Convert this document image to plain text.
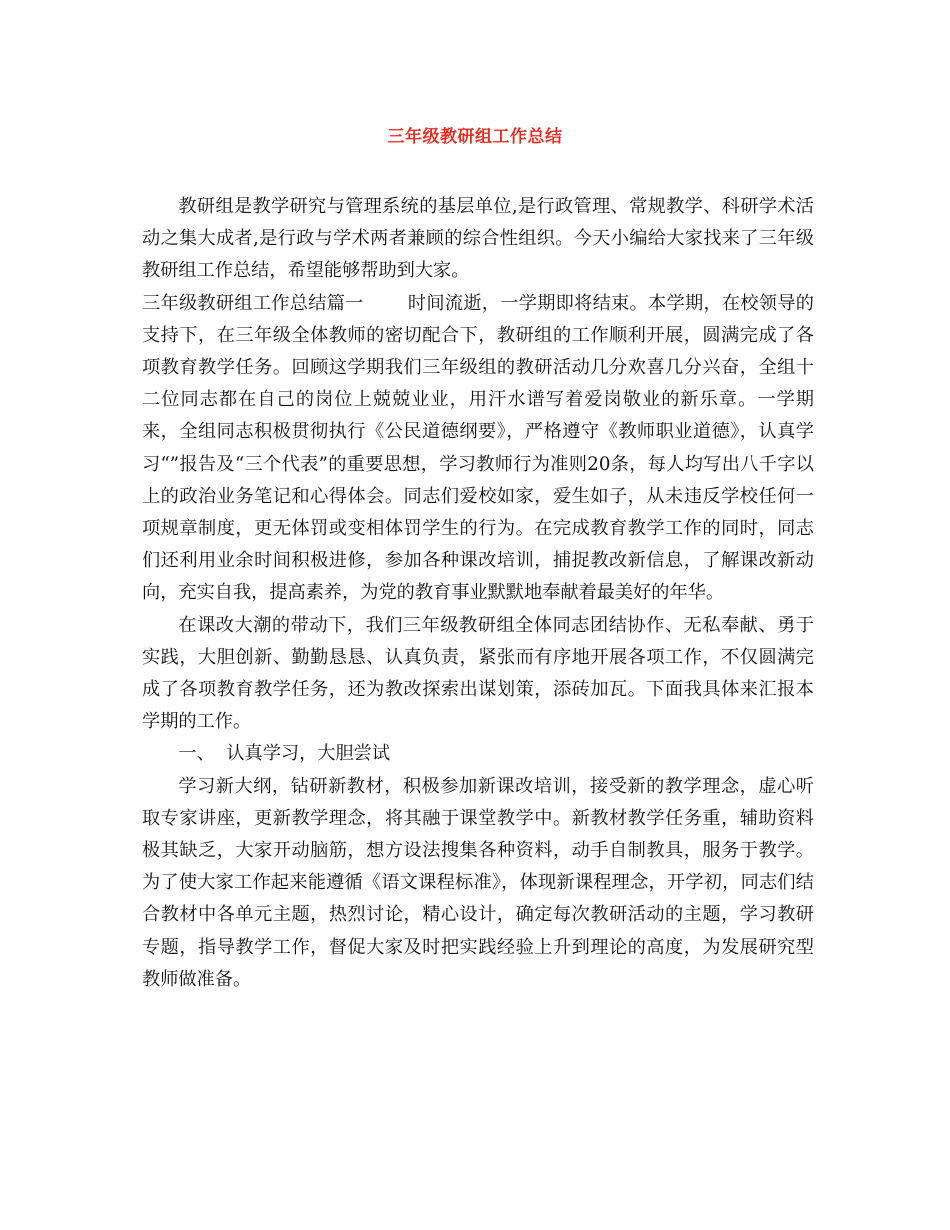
三年级教研组工作总结

教研组是教学研究与管理系统的基层单位,是行政管理、常规教学、科研学术活动之集大成者,是行政与学术两者兼顾的综合性组织。今天小编给大家找来了三年级教研组工作总结，希望能够帮助到大家。

三年级教研组工作总结篇一 时间流逝，一学期即将结束。本学期，在校领导的支持下，在三年级全体教师的密切配合下，教研组的工作顺利开展，圆满完成了各项教育教学任务。回顾这学期我们三年级组的教研活动几分欢喜几分兴奋，全组十二位同志都在自己的岗位上兢兢业业，用汗水谱写着爱岗敬业的新乐章。一学期来，全组同志积极贯彻执行《公民道德纲要》，严格遵守《教师职业道德》，认真学习“”报告及“三个代表”的重要思想，学习教师行为准则20条，每人均写出八千字以上的政治业务笔记和心得体会。同志们爱校如家，爱生如子，从未违反学校任何一项规章制度，更无体罚或变相体罚学生的行为。在完成教育教学工作的同时，同志们还利用业余时间积极进修，参加各种课改培训，捕捉教改新信息，了解课改新动向，充实自我，提高素养，为党的教育事业默默地奉献着最美好的年华。

在课改大潮的带动下，我们三年级教研组全体同志团结协作、无私奉献、勇于实践，大胆创新、勤勤恳恳、认真负责，紧张而有序地开展各项工作，不仅圆满完成了各项教育教学任务，还为教改探索出谋划策，添砖加瓦。下面我具体来汇报本学期的工作。

一、  认真学习，大胆尝试

学习新大纲，钻研新教材，积极参加新课改培训，接受新的教学理念，虚心听取专家讲座，更新教学理念，将其融于课堂教学中。新教材教学任务重，辅助资料极其缺乏，大家开动脑筋，想方设法搜集各种资料，动手自制教具，服务于教学。为了使大家工作起来能遵循《语文课程标准》，体现新课程理念，开学初，同志们结合教材中各单元主题，热烈讨论，精心设计，确定每次教研活动的主题，学习教研专题，指导教学工作，督促大家及时把实践经验上升到理论的高度，为发展研究型教师做准备。
